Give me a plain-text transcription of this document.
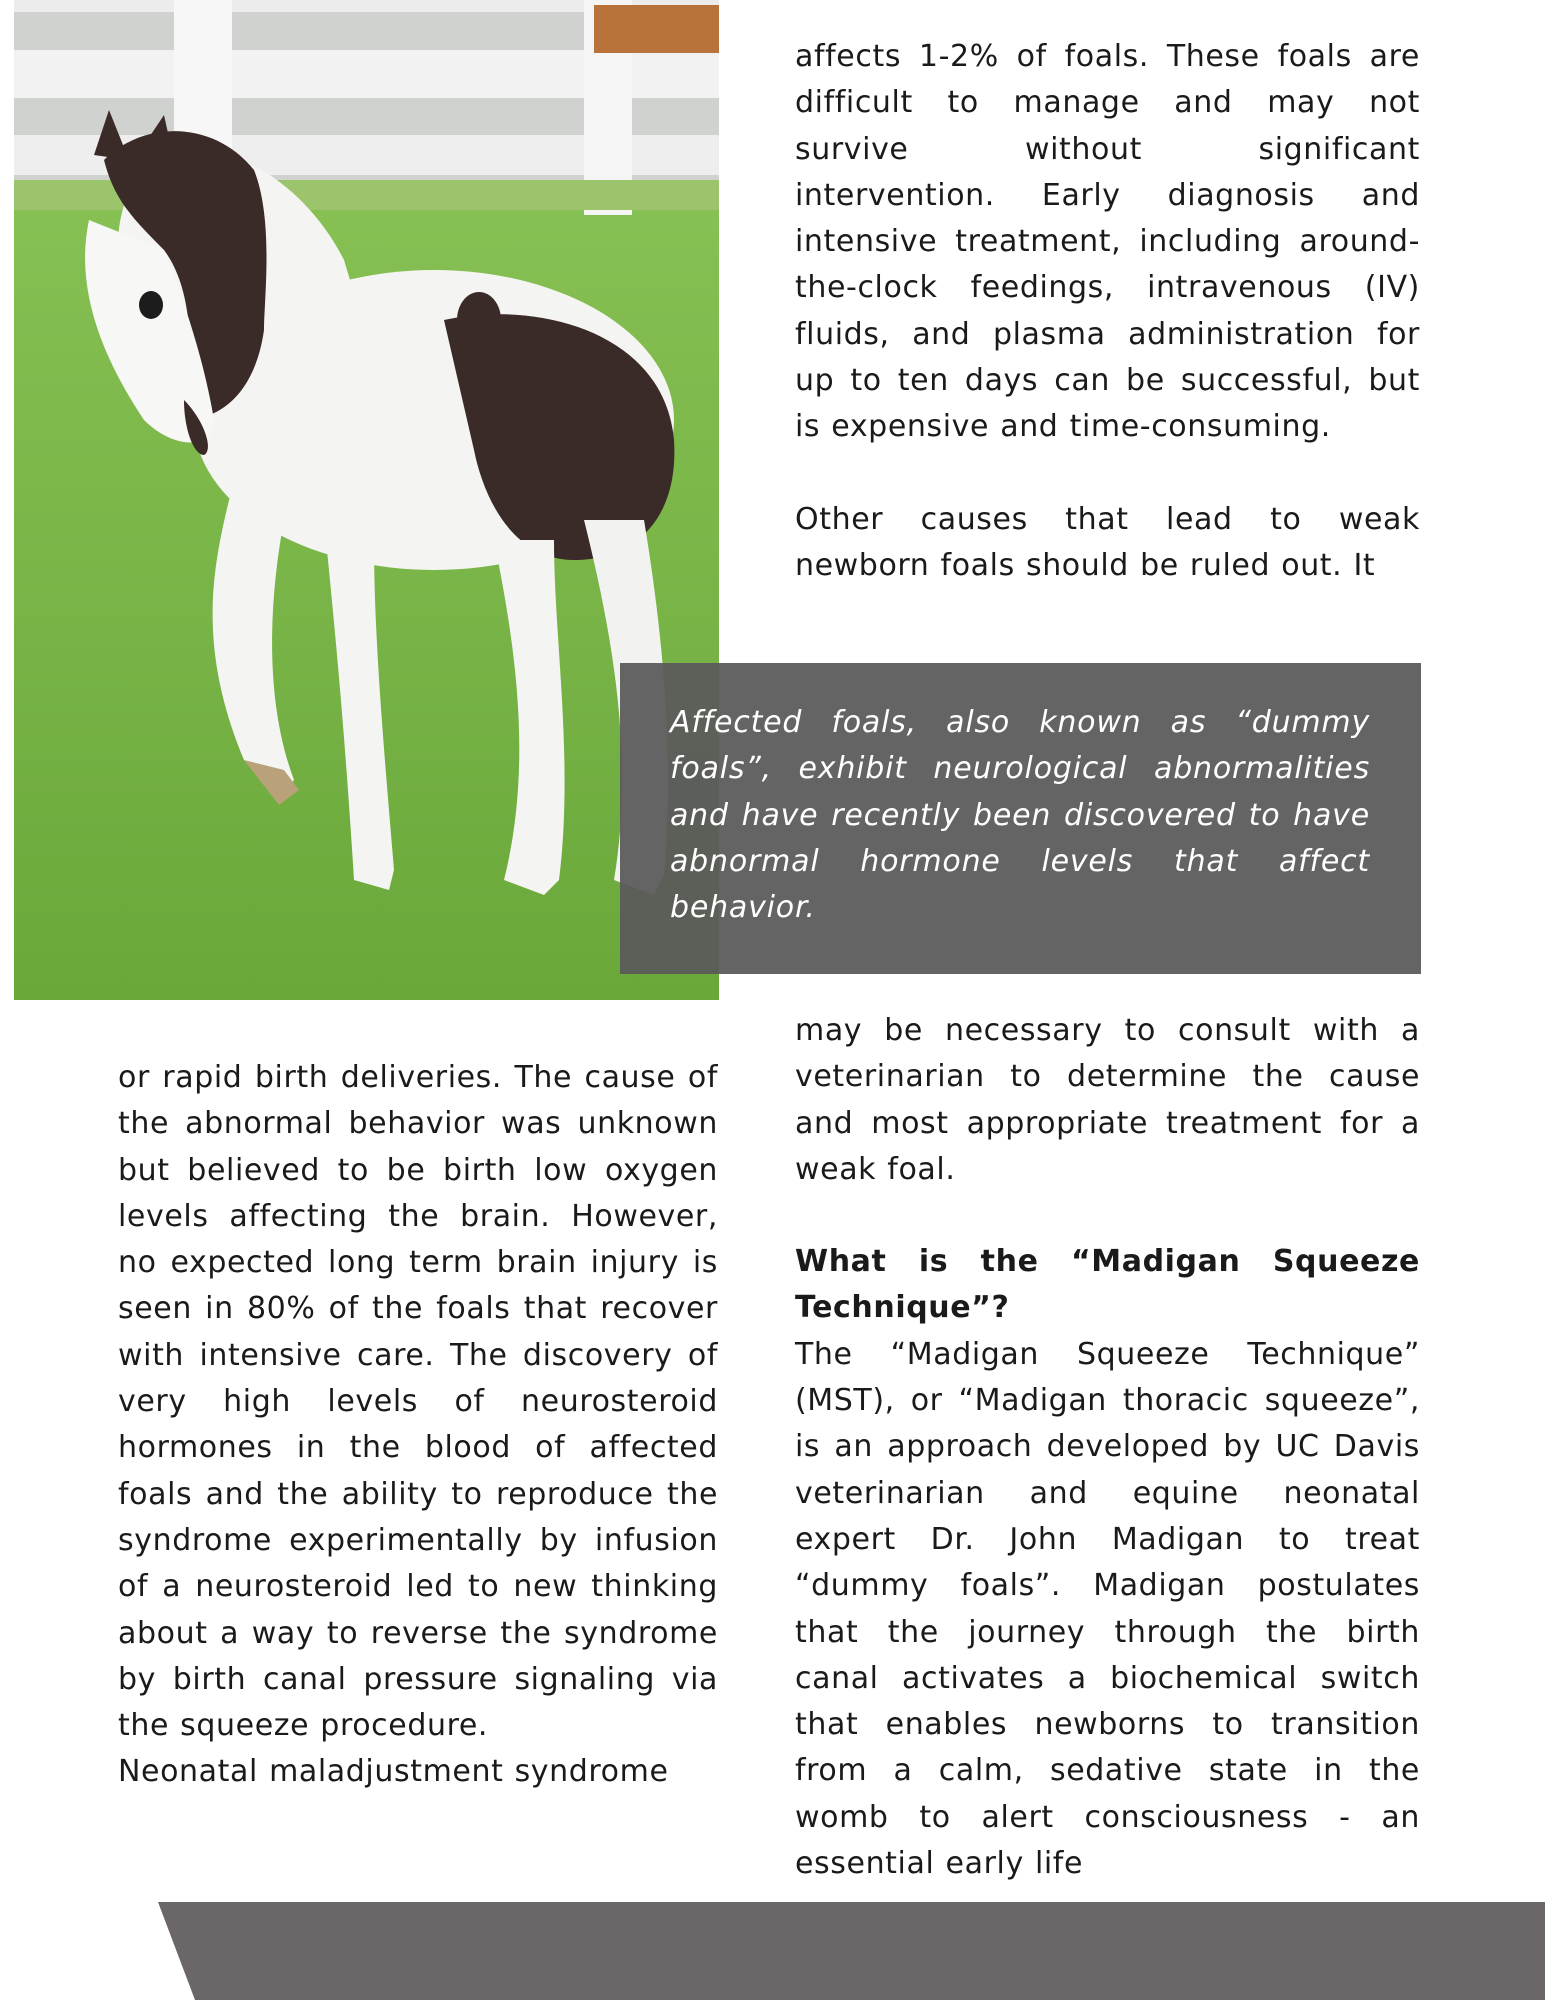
affects 1-2% of foals. These foals are difficult to manage and may not survive without significant intervention. Early diagnosis and intensive treatment, including around-the-clock feedings, intravenous (IV) fluids, and plasma administration for up to ten days can be successful, but is expensive and time-consuming.

Other causes that lead to weak newborn foals should be ruled out. It

Affected foals, also known as “dummy foals”, exhibit neurological abnormalities and have recently been discovered to have abnormal hormone levels that affect behavior.

or rapid birth deliveries. The cause of the abnormal behavior was unknown but believed to be birth low oxygen levels affecting the brain. However, no expected long term brain injury is seen in 80% of the foals that recover with intensive care. The discovery of very high levels of neurosteroid hormones in the blood of affected foals and the ability to reproduce the syndrome experimentally by infusion of a neurosteroid led to new thinking about a way to reverse the syndrome by birth canal pressure signaling via the squeeze procedure.

Neonatal maladjustment syndrome

may be necessary to consult with a veterinarian to determine the cause and most appropriate treatment for a weak foal.

What is the “Madigan Squeeze Technique”?

The “Madigan Squeeze Technique” (MST), or “Madigan thoracic squeeze”, is an approach developed by UC Davis veterinarian and equine neonatal expert Dr. John Madigan to treat “dummy foals”. Madigan postulates that the journey through the birth canal activates a biochemical switch that enables newborns to transition from a calm, sedative state in the womb to alert consciousness - an essential early life
